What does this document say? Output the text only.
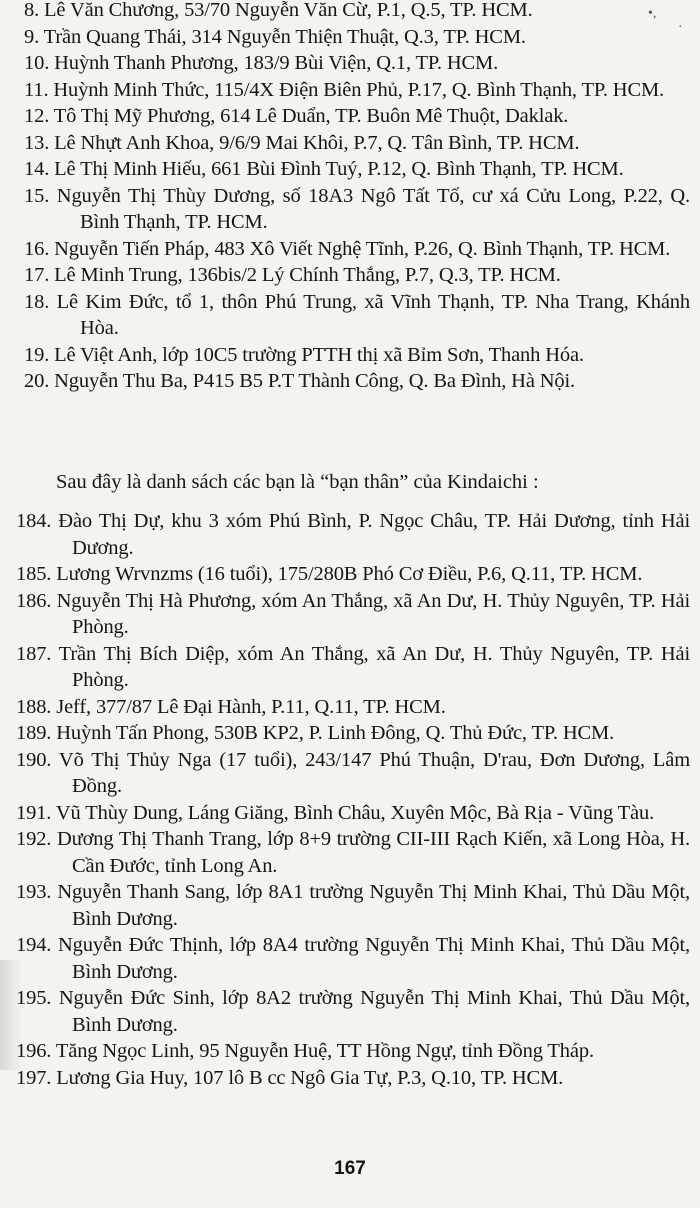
•,
·
8. Lê Văn Chương, 53/70 Nguyễn Văn Cừ, P.1, Q.5, TP. HCM.
9. Trần Quang Thái, 314 Nguyễn Thiện Thuật, Q.3, TP. HCM.
10. Huỳnh Thanh Phương, 183/9 Bùi Viện, Q.1, TP. HCM.
11. Huỳnh Minh Thức, 115/4X Điện Biên Phủ, P.17, Q. Bình Thạnh, TP. HCM.
12. Tô Thị Mỹ Phương, 614 Lê Duẩn, TP. Buôn Mê Thuột, Daklak.
13. Lê Nhựt Anh Khoa, 9/6/9 Mai Khôi, P.7, Q. Tân Bình, TP. HCM.
14. Lê Thị Minh Hiếu, 661 Bùi Đình Tuý, P.12, Q. Bình Thạnh, TP. HCM.
15. Nguyễn Thị Thùy Dương, số 18A3 Ngô Tất Tố, cư xá Cửu Long, P.22, Q. Bình Thạnh, TP. HCM.
16. Nguyễn Tiến Pháp, 483 Xô Viết Nghệ Tĩnh, P.26, Q. Bình Thạnh, TP. HCM.
17. Lê Minh Trung, 136bis/2 Lý Chính Thắng, P.7, Q.3, TP. HCM.
18. Lê Kim Đức, tổ 1, thôn Phú Trung, xã Vĩnh Thạnh, TP. Nha Trang, Khánh Hòa.
19. Lê Việt Anh, lớp 10C5 trường PTTH thị xã Bỉm Sơn, Thanh Hóa.
20. Nguyễn Thu Ba, P415 B5 P.T Thành Công, Q. Ba Đình, Hà Nội.

Sau đây là danh sách các bạn là “bạn thân” của Kindaichi :

184. Đào Thị Dự, khu 3 xóm Phú Bình, P. Ngọc Châu, TP. Hải Dương, tỉnh Hải Dương.
185. Lương Wrvnzms (16 tuổi), 175/280B Phó Cơ Điều, P.6, Q.11, TP. HCM.
186. Nguyễn Thị Hà Phương, xóm An Thắng, xã An Dư, H. Thủy Nguyên, TP. Hải Phòng.
187. Trần Thị Bích Diệp, xóm An Thắng, xã An Dư, H. Thủy Nguyên, TP. Hải Phòng.
188. Jeff, 377/87 Lê Đại Hành, P.11, Q.11, TP. HCM.
189. Huỳnh Tấn Phong, 530B KP2, P. Linh Đông, Q. Thủ Đức, TP. HCM.
190. Võ Thị Thủy Nga (17 tuổi), 243/147 Phú Thuận, D'rau, Đơn Dương, Lâm Đồng.
191. Vũ Thùy Dung, Láng Giăng, Bình Châu, Xuyên Mộc, Bà Rịa - Vũng Tàu.
192. Dương Thị Thanh Trang, lớp 8+9 trường CII-III Rạch Kiến, xã Long Hòa, H. Cần Đước, tỉnh Long An.
193. Nguyễn Thanh Sang, lớp 8A1 trường Nguyễn Thị Minh Khai, Thủ Dầu Một, Bình Dương.
194. Nguyễn Đức Thịnh, lớp 8A4 trường Nguyễn Thị Minh Khai, Thủ Dầu Một, Bình Dương.
195. Nguyễn Đức Sinh, lớp 8A2 trường Nguyễn Thị Minh Khai, Thủ Dầu Một, Bình Dương.
196. Tăng Ngọc Linh, 95 Nguyễn Huệ, TT Hồng Ngự, tỉnh Đồng Tháp.
197. Lương Gia Huy, 107 lô B cc Ngô Gia Tự, P.3, Q.10, TP. HCM.
167
